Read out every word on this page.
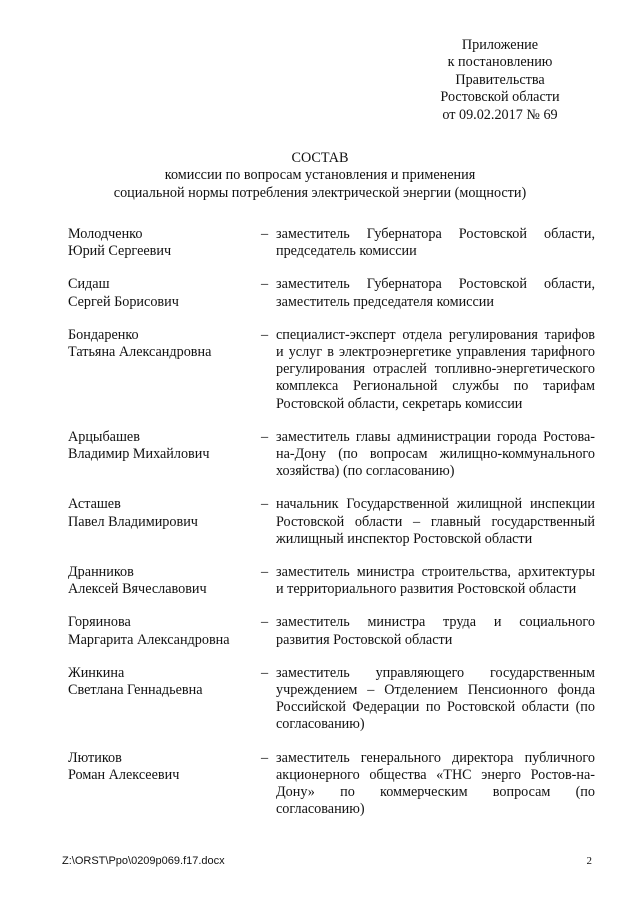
Приложение
к постановлению
Правительства
Ростовской области
от 09.02.2017 № 69
СОСТАВ
комиссии по вопросам установления и применения
социальной нормы потребления электрической энергии (мощности)
Молодченко
Юрий Сергеевич
– заместитель Губернатора Ростовской области, председатель комиссии
Сидаш
Сергей Борисович
– заместитель Губернатора Ростовской области, заместитель председателя комиссии
Бондаренко
Татьяна Александровна
– специалист-эксперт отдела регулирования тарифов и услуг в электроэнергетике управления тарифного регулирования отраслей топливно-энергетического комплекса Региональной службы по тарифам Ростовской области, секретарь комиссии
Арцыбашев
Владимир Михайлович
– заместитель главы администрации города Ростова-на-Дону (по вопросам жилищно-коммунального хозяйства) (по согласованию)
Асташев
Павел Владимирович
– начальник Государственной жилищной инспекции Ростовской области – главный государственный жилищный инспектор Ростовской области
Дранников
Алексей Вячеславович
– заместитель министра строительства, архитектуры и территориального развития Ростовской области
Горяинова
Маргарита Александровна
– заместитель министра труда и социального развития Ростовской области
Жинкина
Светлана Геннадьевна
– заместитель управляющего государственным учреждением – Отделением Пенсионного фонда Российской Федерации по Ростовской области (по согласованию)
Лютиков
Роман Алексеевич
– заместитель генерального директора публичного акционерного общества «ТНС энерго Ростов-на-Дону» по коммерческим вопросам (по согласованию)
Z:\ORST\Ppo\0209p069.f17.docx	2
